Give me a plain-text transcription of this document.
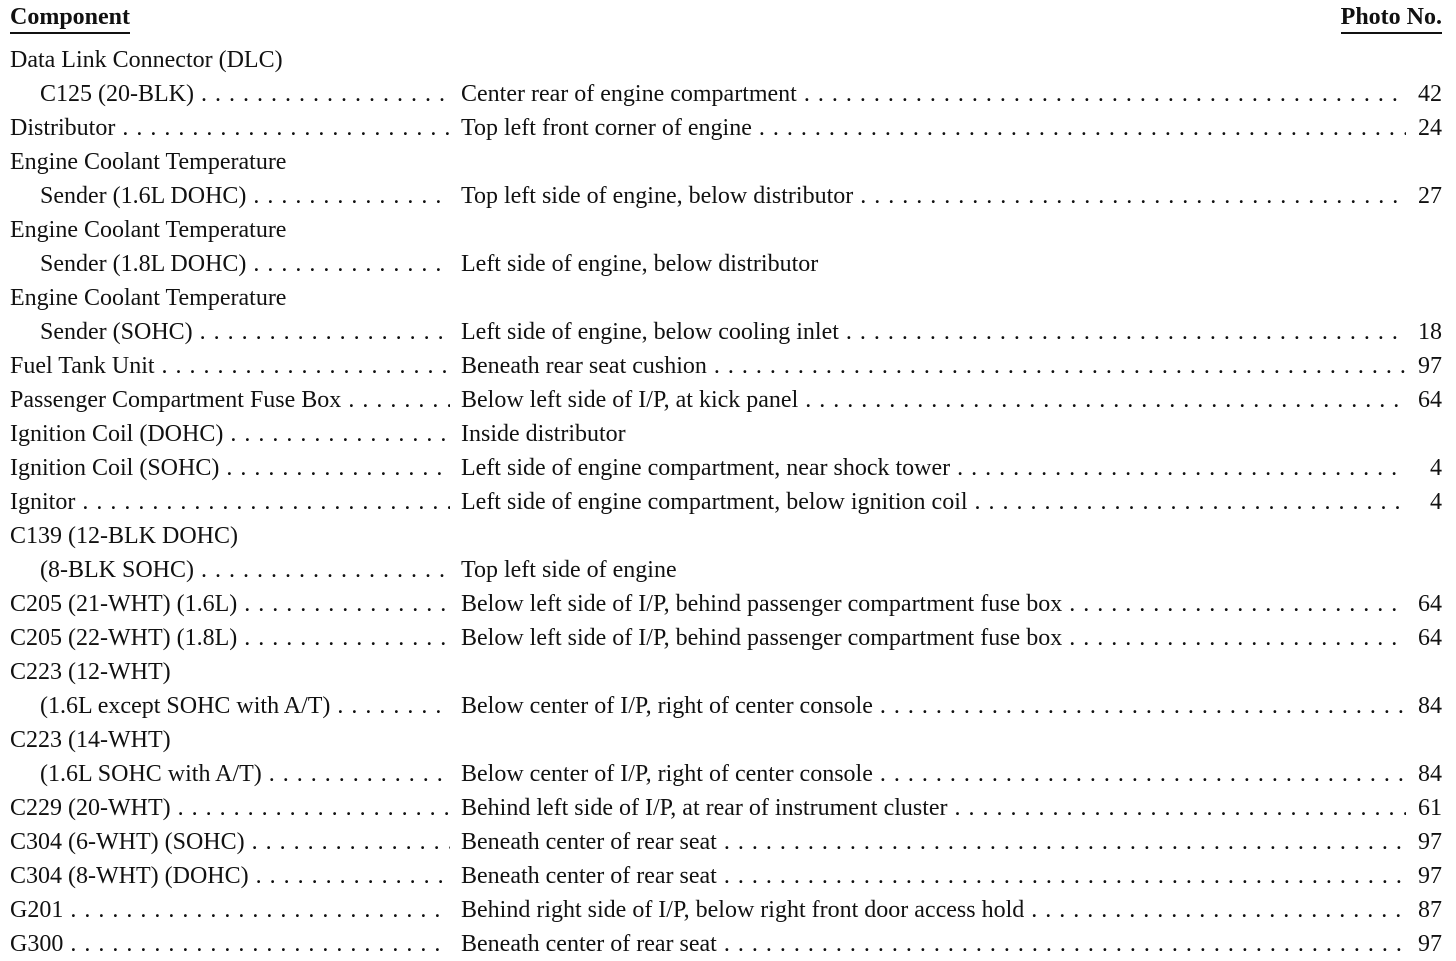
Component	Photo No.
Data Link Connector (DLC)
C125 (20-BLK) . . .	Center rear of engine compartment . . .	42
Distributor . . .	Top left front corner of engine . . .	24
Engine Coolant Temperature
Sender (1.6L DOHC) . . .	Top left side of engine, below distributor . . .	27
Engine Coolant Temperature
Sender (1.8L DOHC) . . .	Left side of engine, below distributor
Engine Coolant Temperature
Sender (SOHC) . . .	Left side of engine, below cooling inlet . . .	18
Fuel Tank Unit . . .	Beneath rear seat cushion . . .	97
Passenger Compartment Fuse Box . . .	Below left side of I/P, at kick panel . . .	64
Ignition Coil (DOHC) . . .	Inside distributor
Ignition Coil (SOHC) . . .	Left side of engine compartment, near shock tower . . .	4
Ignitor . . .	Left side of engine compartment, below ignition coil . . .	4
C139 (12-BLK DOHC)
(8-BLK SOHC) . . .	Top left side of engine
C205 (21-WHT) (1.6L) . . .	Below left side of I/P, behind passenger compartment fuse box . . .	64
C205 (22-WHT) (1.8L) . . .	Below left side of I/P, behind passenger compartment fuse box . . .	64
C223 (12-WHT)
(1.6L except SOHC with A/T) . . .	Below center of I/P, right of center console . . .	84
C223 (14-WHT)
(1.6L SOHC with A/T) . . .	Below center of I/P, right of center console . . .	84
C229 (20-WHT) . . .	Behind left side of I/P, at rear of instrument cluster . . .	61
C304 (6-WHT) (SOHC) . . .	Beneath center of rear seat . . .	97
C304 (8-WHT) (DOHC) . . .	Beneath center of rear seat . . .	97
G201 . . .	Behind right side of I/P, below right front door access hold . . .	87
G300 . . .	Beneath center of rear seat . . .	97
